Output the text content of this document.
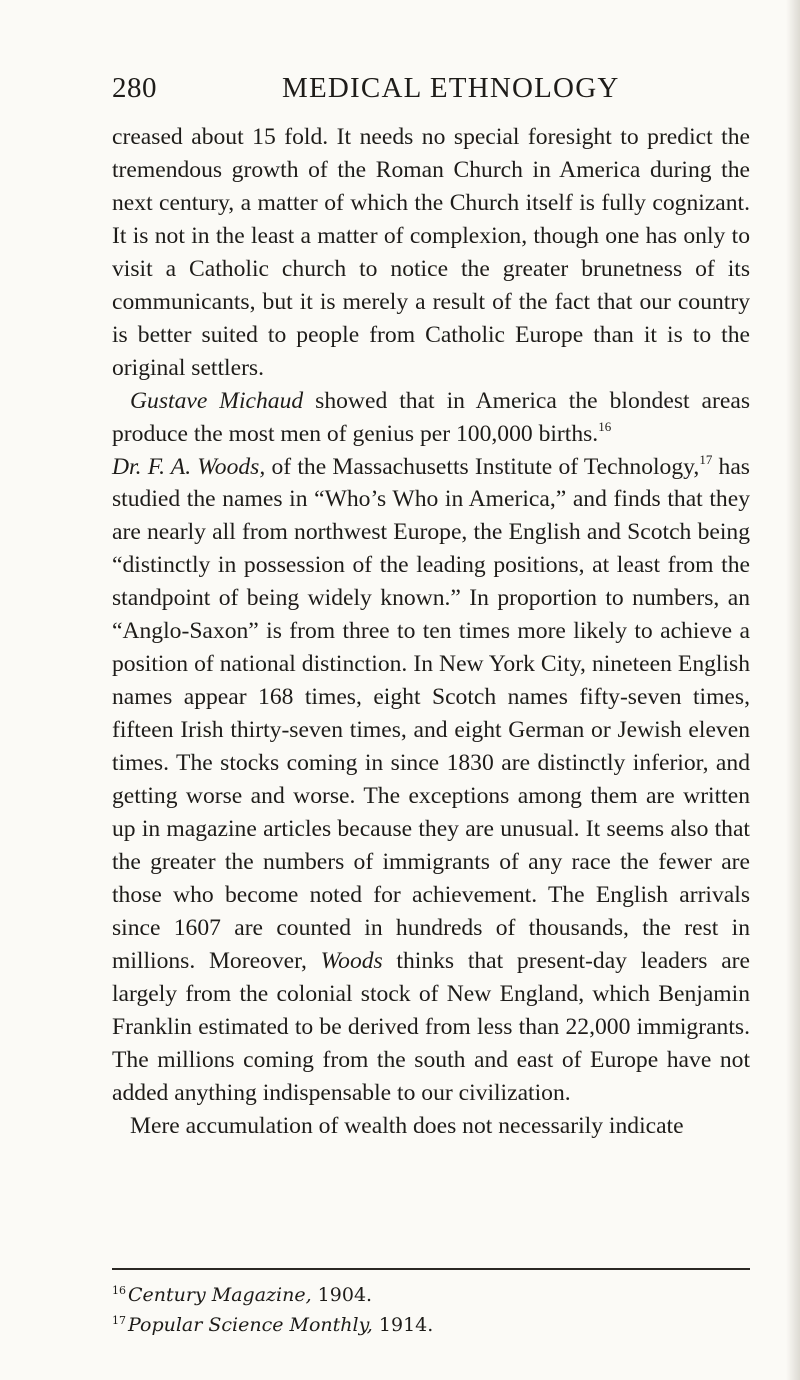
280	MEDICAL ETHNOLOGY

creased about 15 fold. It needs no special foresight to predict the tremendous growth of the Roman Church in America during the next century, a matter of which the Church itself is fully cognizant. It is not in the least a matter of complexion, though one has only to visit a Catholic church to notice the greater brunetness of its communicants, but it is merely a result of the fact that our country is better suited to people from Catholic Europe than it is to the original settlers.

Gustave Michaud showed that in America the blondest areas produce the most men of genius per 100,000 births.$^{16}$

Dr. F. A. Woods, of the Massachusetts Institute of Technology,$^{17}$ has studied the names in “Who’s Who in America,” and finds that they are nearly all from northwest Europe, the English and Scotch being “distinctly in possession of the leading positions, at least from the standpoint of being widely known.” In proportion to numbers, an “Anglo-Saxon” is from three to ten times more likely to achieve a position of national distinction. In New York City, nineteen English names appear 168 times, eight Scotch names fifty-seven times, fifteen Irish thirty-seven times, and eight German or Jewish eleven times. The stocks coming in since 1830 are distinctly inferior, and getting worse and worse. The exceptions among them are written up in magazine articles because they are unusual. It seems also that the greater the numbers of immigrants of any race the fewer are those who become noted for achievement. The English arrivals since 1607 are counted in hundreds of thousands, the rest in millions. Moreover, Woods thinks that present-day leaders are largely from the colonial stock of New England, which Benjamin Franklin estimated to be derived from less than 22,000 immigrants. The millions coming from the south and east of Europe have not added anything indispensable to our civilization.

Mere accumulation of wealth does not necessarily indicate

$^{16}$ Century Magazine, 1904.
$^{17}$ Popular Science Monthly, 1914.
